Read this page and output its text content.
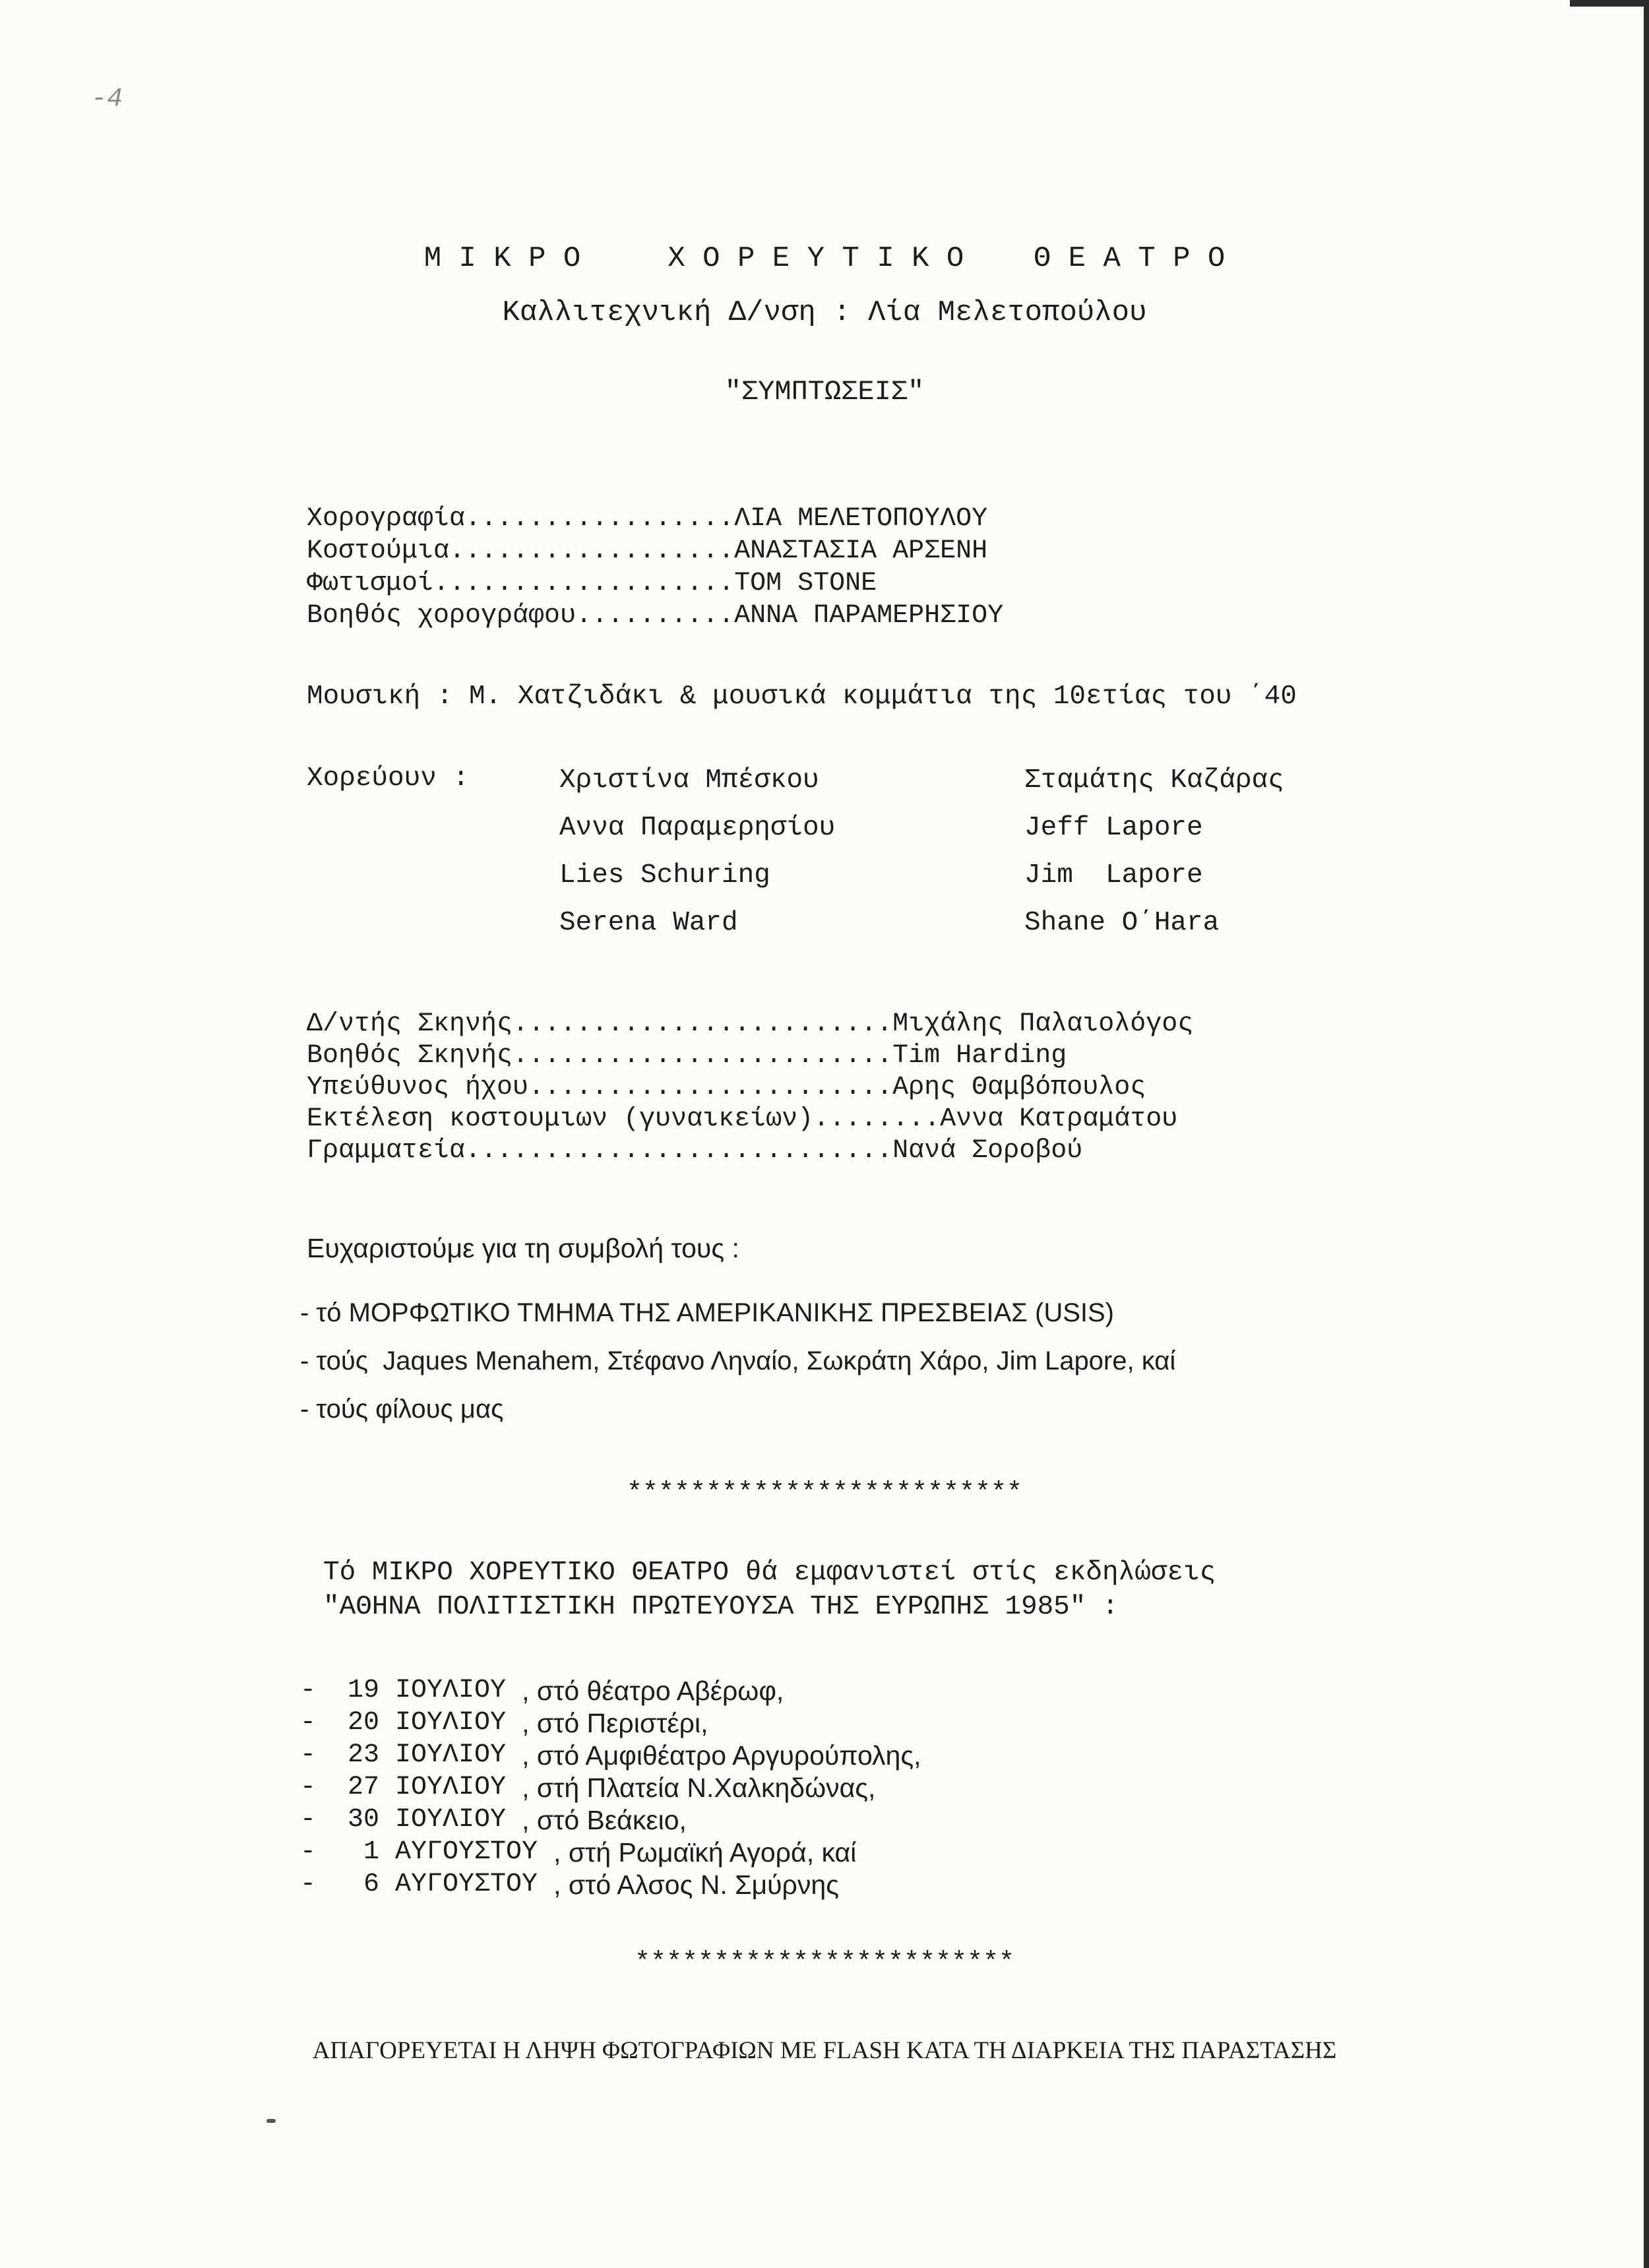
-4
Μ Ι Κ Ρ Ο     Χ Ο Ρ Ε Υ Τ Ι Κ Ο    Θ Ε Α Τ Ρ Ο
Καλλιτεχνική Δ/νση : Λία Μελετοπούλου
"ΣΥΜΠΤΩΣΕΙΣ"
Χορογραφία ................. ΛΙΑ ΜΕΛΕΤΟΠΟΥΛΟΥ
Κοστούμια .................. ΑΝΑΣΤΑΣΙΑ ΑΡΣΕΝΗ
Φωτισμοί ................... TOM STONE
Βοηθός χορογράφου .......... ΑΝΝΑ ΠΑΡΑΜΕΡΗΣΙΟΥ
Μουσική : Μ. Χατζιδάκι & μουσικά κομμάτια της 10ετίας του ΄40
Χορεύουν :	Χριστίνα Μπέσκου
Αννα Παραμερησίου
Lies Schuring
Serena Ward
Σταμάτης Καζάρας
Jeff Lapore
Jim  Lapore
Shane O΄Hara
Δ/ντής Σκηνής ........................ Μιχάλης Παλαιολόγος
Βοηθός Σκηνής ........................ Tim Harding
Υπεύθυνος ήχου ....................... Αρης Θαμβόπουλος
Εκτέλεση κοστουμιων (γυναικείων) ........ Αννα Κατραμάτου
Γραμματεία ........................... Νανά Σοροβού
Ευχαριστούμε για τη συμβολή τους :
- τό ΜΟΡΦΩΤΙΚΟ ΤΜΗΜΑ ΤΗΣ ΑΜΕΡΙΚΑΝΙΚΗΣ ΠΡΕΣΒΕΙΑΣ (USIS)
- τούς  Jaques Menahem, Στέφανο Ληναίο, Σωκράτη Χάρο, Jim Lapore, καί
- τούς φίλους μας
*************************
Τό ΜΙΚΡΟ ΧΟΡΕΥΤΙΚΟ ΘΕΑΤΡΟ θά εμφανιστεί στίς εκδηλώσεις
"ΑΘΗΝΑ ΠΟΛΙΤΙΣΤΙΚΗ ΠΡΩΤΕΥΟΥΣΑ ΤΗΣ ΕΥΡΩΠΗΣ 1985" :
-  19 ΙΟΥΛΙΟΥ , στό θέατρο Αβέρωφ,
-  20 ΙΟΥΛΙΟΥ , στό Περιστέρι,
-  23 ΙΟΥΛΙΟΥ , στό Αμφιθέατρο Αργυρούπολης,
-  27 ΙΟΥΛΙΟΥ , στή Πλατεία Ν.Χαλκηδώνας,
-  30 ΙΟΥΛΙΟΥ , στό Βεάκειο,
-   1 ΑΥΓΟΥΣΤΟΥ , στή Ρωμαϊκή Αγορά, καί
-   6 ΑΥΓΟΥΣΤΟΥ , στό Αλσος Ν. Σμύρνης
************************
ΑΠΑΓΟΡΕΥΕΤΑΙ Η ΛΗΨΗ ΦΩΤΟΓΡΑΦΙΩΝ ΜΕ FLASH ΚΑΤΑ ΤΗ ΔΙΑΡΚΕΙΑ ΤΗΣ ΠΑΡΑΣΤΑΣΗΣ
